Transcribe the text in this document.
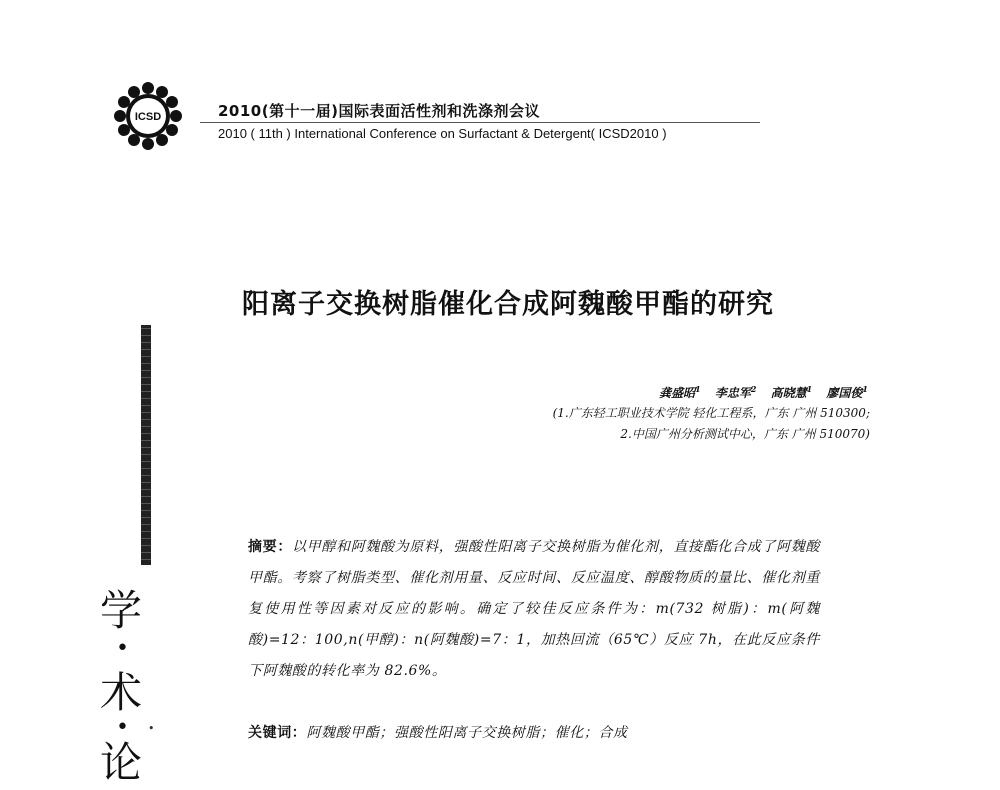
ICSD	2010(第十一届)国际表面活性剂和洗涤剂会议
2010 ( 11th ) International Conference on Surfactant & Detergent( ICSD2010 )
阳离子交换树脂催化合成阿魏酸甲酯的研究
龚盛昭$^1$ 李忠军$^2$ 高晓慧$^1$ 廖国俊$^1$
(1.广东轻工职业技术学院 轻化工程系，广东 广州 510300;
2.中国广州分析测试中心，广东 广州 510070)
学
•
术
•
论
•
摘要：以甲醇和阿魏酸为原料，强酸性阳离子交换树脂为催化剂，直接酯化合成了阿魏酸甲酯。考察了树脂类型、催化剂用量、反应时间、反应温度、醇酸物质的量比、催化剂重复使用性等因素对反应的影响。确定了较佳反应条件为：m(732 树脂)：m(阿魏酸)=12：100,n(甲醇)：n(阿魏酸)=7：1，加热回流（65℃）反应 7h，在此反应条件下阿魏酸的转化率为 82.6%。
关键词：阿魏酸甲酯；强酸性阳离子交换树脂；催化；合成
